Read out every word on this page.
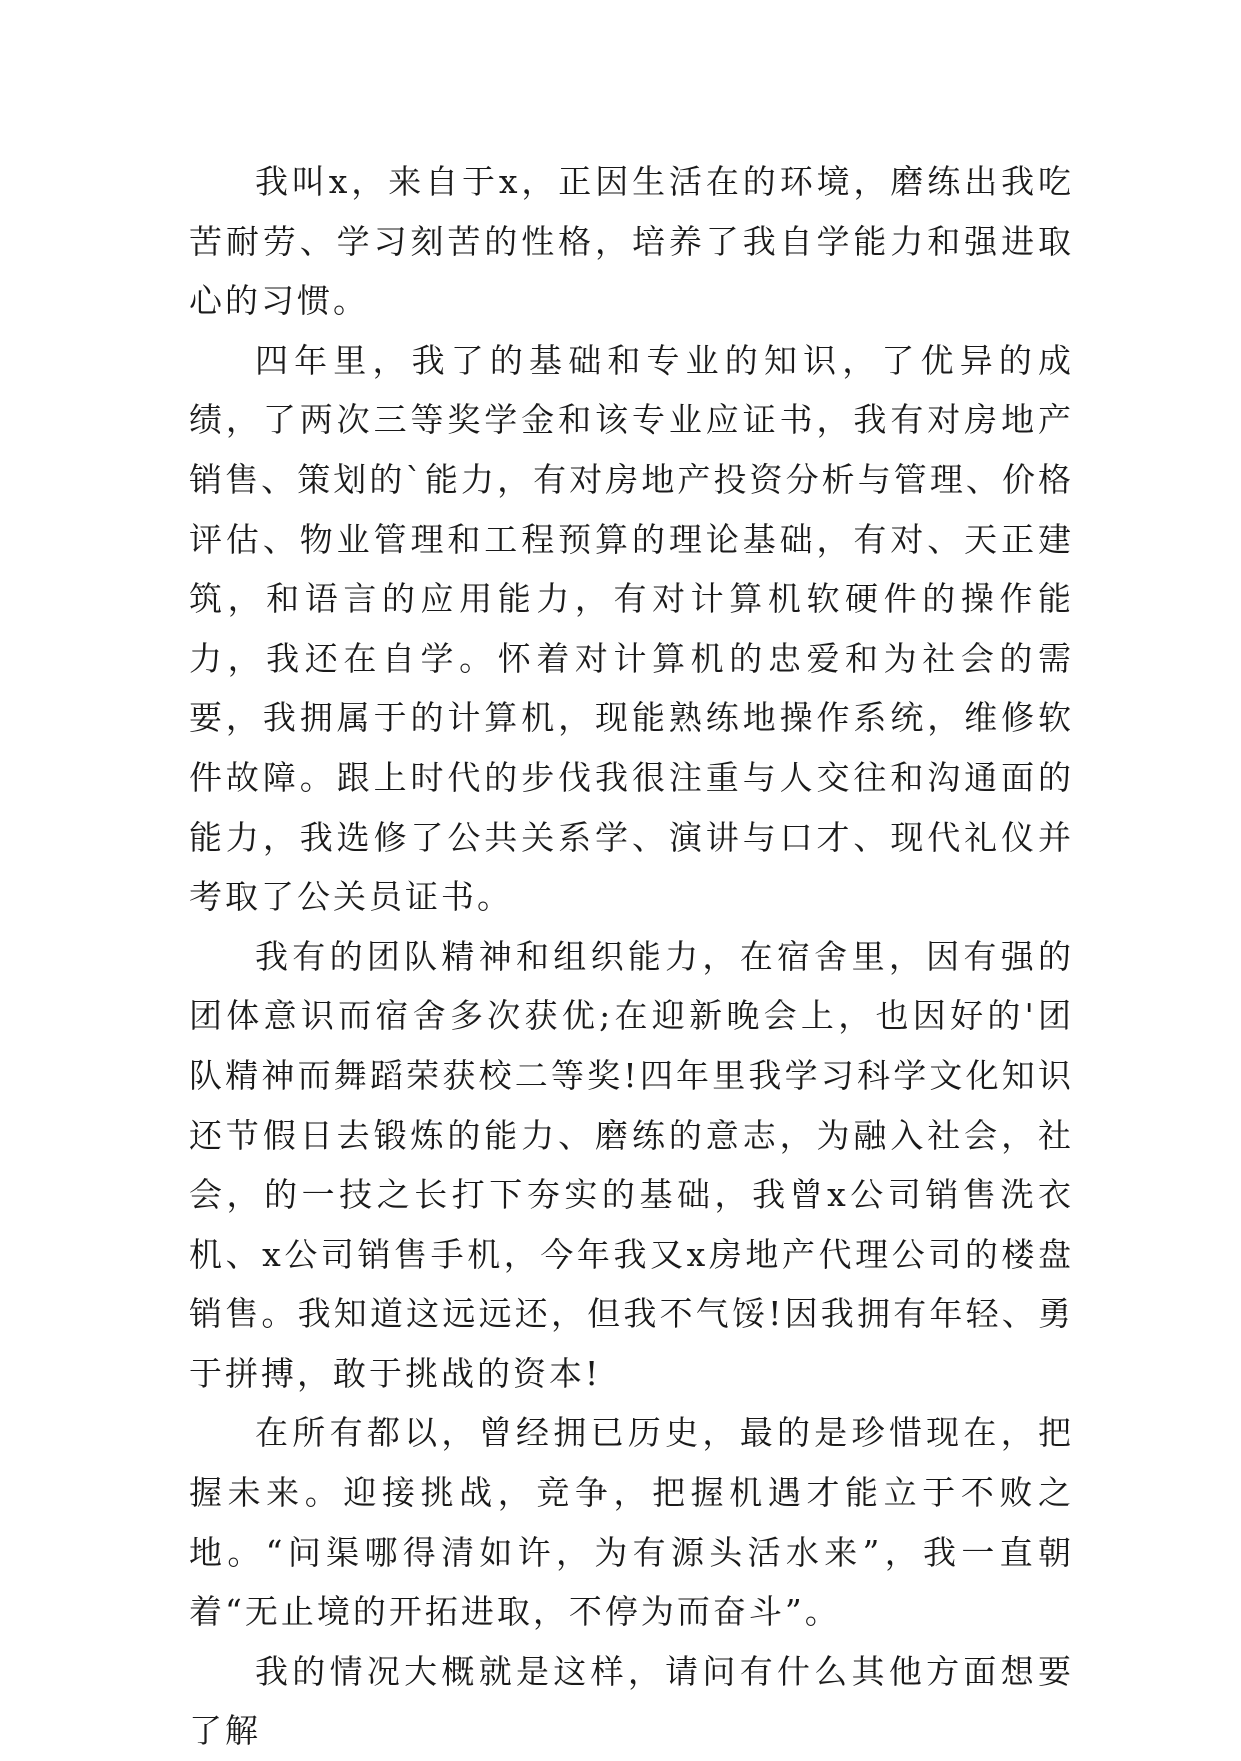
我叫x，来自于x，正因生活在的环境，磨练出我吃苦耐劳、学习刻苦的性格，培养了我自学能力和强进取心的习惯。

四年里，我了的基础和专业的知识，了优异的成绩，了两次三等奖学金和该专业应证书，我有对房地产销售、策划的`能力，有对房地产投资分析与管理、价格评估、物业管理和工程预算的理论基础，有对、天正建筑，和语言的应用能力，有对计算机软硬件的操作能力，我还在自学。怀着对计算机的忠爱和为社会的需要，我拥属于的计算机，现能熟练地操作系统，维修软件故障。跟上时代的步伐我很注重与人交往和沟通面的能力，我选修了公共关系学、演讲与口才、现代礼仪并考取了公关员证书。

我有的团队精神和组织能力，在宿舍里，因有强的团体意识而宿舍多次获优;在迎新晚会上，也因好的'团队精神而舞蹈荣获校二等奖!四年里我学习科学文化知识还节假日去锻炼的能力、磨练的意志，为融入社会，社会，的一技之长打下夯实的基础，我曾x公司销售洗衣机、x公司销售手机，今年我又x房地产代理公司的楼盘销售。我知道这远远还，但我不气馁!因我拥有年轻、勇于拼搏，敢于挑战的资本!

在所有都以，曾经拥已历史，最的是珍惜现在，把握未来。迎接挑战，竞争，把握机遇才能立于不败之地。“问渠哪得清如许，为有源头活水来”，我一直朝着“无止境的开拓进取，不停为而奋斗”。

我的情况大概就是这样，请问有什么其他方面想要了解
